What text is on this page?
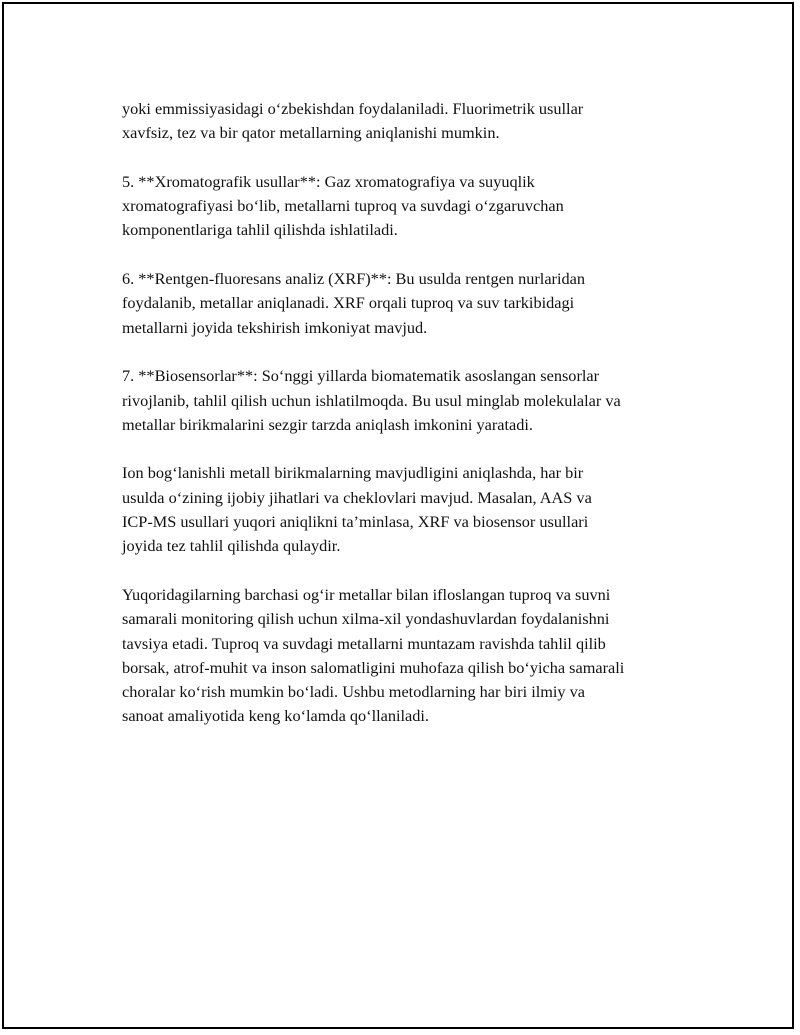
yoki emmissiyasidagi o‘zbekishdan foydalaniladi. Fluorimetrik usullar
xavfsiz, tez va bir qator metallarning aniqlanishi mumkin.

5. **Xromatografik usullar**: Gaz xromatografiya va suyuqlik
xromatografiyasi bo‘lib, metallarni tuproq va suvdagi o‘zgaruvchan
komponentlariga tahlil qilishda ishlatiladi.

6. **Rentgen-fluoresans analiz (XRF)**: Bu usulda rentgen nurlaridan
foydalanib, metallar aniqlanadi. XRF orqali tuproq va suv tarkibidagi
metallarni joyida tekshirish imkoniyat mavjud.

7. **Biosensorlar**: So‘nggi yillarda biomatematik asoslangan sensorlar
rivojlanib, tahlil qilish uchun ishlatilmoqda. Bu usul minglab molekulalar va
metallar birikmalarini sezgir tarzda aniqlash imkonini yaratadi.

Ion bog‘lanishli metall birikmalarning mavjudligini aniqlashda, har bir
usulda o‘zining ijobiy jihatlari va cheklovlari mavjud. Masalan, AAS va
ICP-MS usullari yuqori aniqlikni ta’minlasa, XRF va biosensor usullari
joyida tez tahlil qilishda qulaydir.

Yuqoridagilarning barchasi og‘ir metallar bilan ifloslangan tuproq va suvni
samarali monitoring qilish uchun xilma-xil yondashuvlardan foydalanishni
tavsiya etadi. Tuproq va suvdagi metallarni muntazam ravishda tahlil qilib
borsak, atrof-muhit va inson salomatligini muhofaza qilish bo‘yicha samarali
choralar ko‘rish mumkin bo‘ladi. Ushbu metodlarning har biri ilmiy va
sanoat amaliyotida keng ko‘lamda qo‘llaniladi.
